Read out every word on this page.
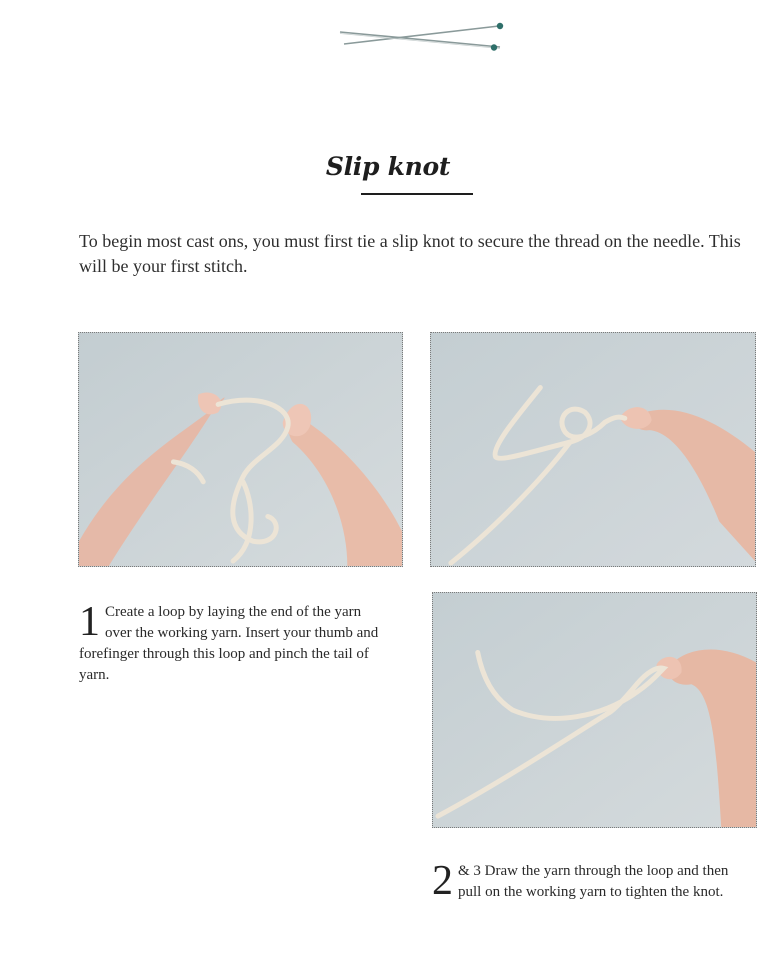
Slip knot

To begin most cast ons, you must first tie a slip knot to secure the thread on the needle. This will be your first stitch.

1 Create a loop by laying the end of the yarn over the working yarn. Insert your thumb and forefinger through this loop and pinch the tail of yarn.
2 & 3 Draw the yarn through the loop and then pull on the working yarn to tighten the knot.
